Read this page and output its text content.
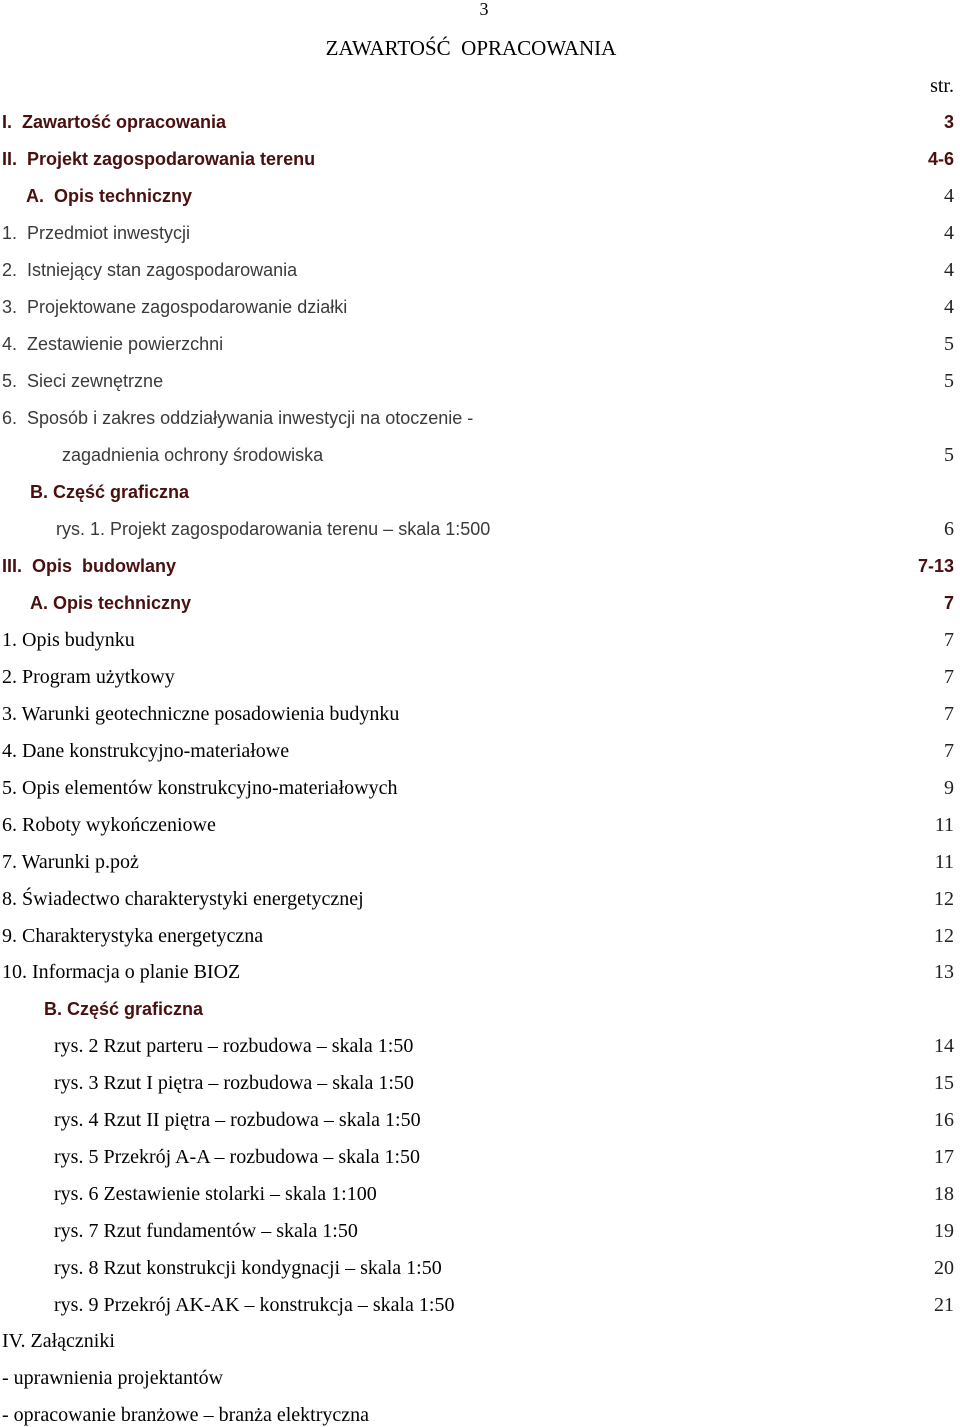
3
ZAWARTOŚĆ  OPRACOWANIA
str.
I.  Zawartość opracowania	3
II.  Projekt zagospodarowania terenu	4-6
A.  Opis techniczny	4
1.  Przedmiot inwestycji	4
2.  Istniejący stan zagospodarowania	4
3.  Projektowane zagospodarowanie działki	4
4.  Zestawienie powierzchni	5
5.  Sieci zewnętrzne	5
6.  Sposób i zakres oddziaływania inwestycji na otoczenie -
zagadnienia ochrony środowiska	5
B. Część graficzna
rys. 1. Projekt zagospodarowania terenu – skala 1:500	6
III.  Opis  budowlany	7-13
A. Opis techniczny	7
1. Opis budynku	7
2. Program użytkowy	7
3. Warunki geotechniczne posadowienia budynku	7
4. Dane konstrukcyjno-materiałowe	7
5. Opis elementów konstrukcyjno-materiałowych	9
6. Roboty wykończeniowe	11
7. Warunki p.poż	11
8. Świadectwo charakterystyki energetycznej	12
9. Charakterystyka energetyczna	12
10. Informacja o planie BIOZ	13
B. Część graficzna
rys. 2 Rzut parteru – rozbudowa – skala 1:50	14
rys. 3 Rzut I piętra – rozbudowa – skala 1:50	15
rys. 4 Rzut II piętra – rozbudowa – skala 1:50	16
rys. 5 Przekrój A-A – rozbudowa – skala 1:50	17
rys. 6 Zestawienie stolarki – skala 1:100	18
rys. 7 Rzut fundamentów – skala 1:50	19
rys. 8 Rzut konstrukcji kondygnacji – skala 1:50	20
rys. 9 Przekrój AK-AK – konstrukcja – skala 1:50	21
IV. Załączniki
- uprawnienia projektantów
- opracowanie branżowe – branża elektryczna
